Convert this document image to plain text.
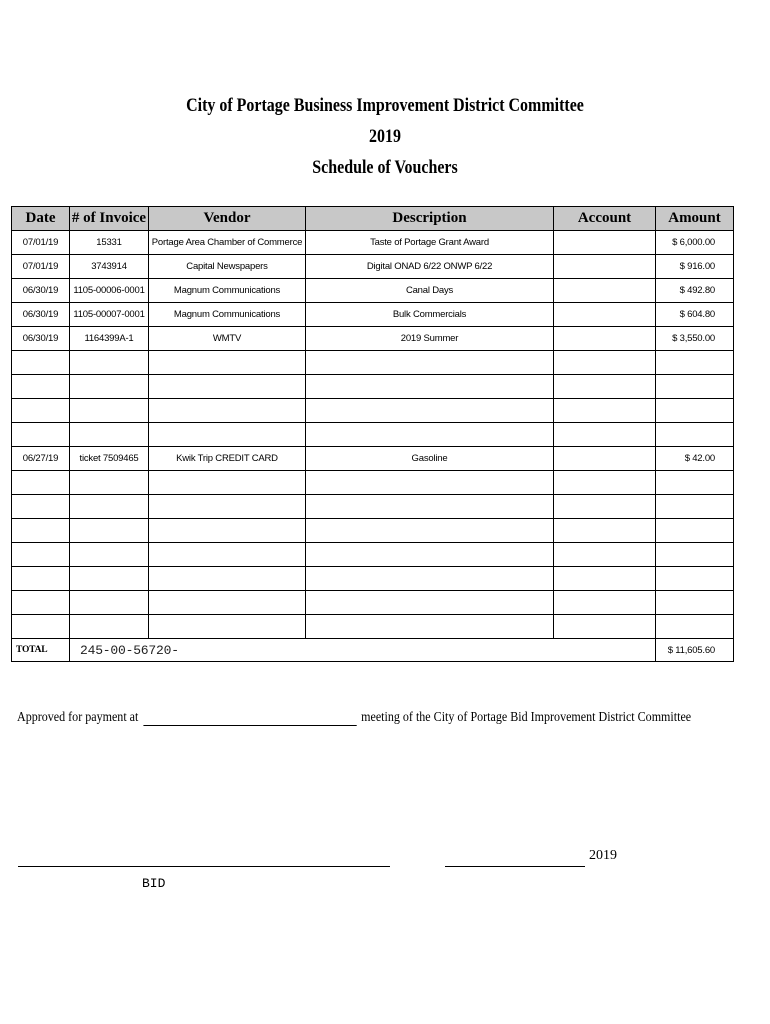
City of Portage Business Improvement District Committee
2019
Schedule of Vouchers
Date	# of Invoice	Vendor	Description	Account	Amount
07/01/19	15331	Portage Area Chamber of Commerce	Taste of Portage Grant Award		$ 6,000.00
07/01/19	3743914	Capital Newspapers	Digital ONAD 6/22 ONWP 6/22		$ 916.00
06/30/19	1105-00006-0001	Magnum Communications	Canal Days		$ 492.80
06/30/19	1105-00007-0001	Magnum Communications	Bulk Commercials		$ 604.80
06/30/19	1164399A-1	WMTV	2019 Summer		$ 3,550.00

06/27/19	ticket 7509465	Kwik Trip CREDIT CARD	Gasoline		$ 42.00

TOTAL	245-00-56720-				$ 11,605.60
Approved for payment at	meeting of the City of Portage Bid Improvement District Committee
2019
BID
